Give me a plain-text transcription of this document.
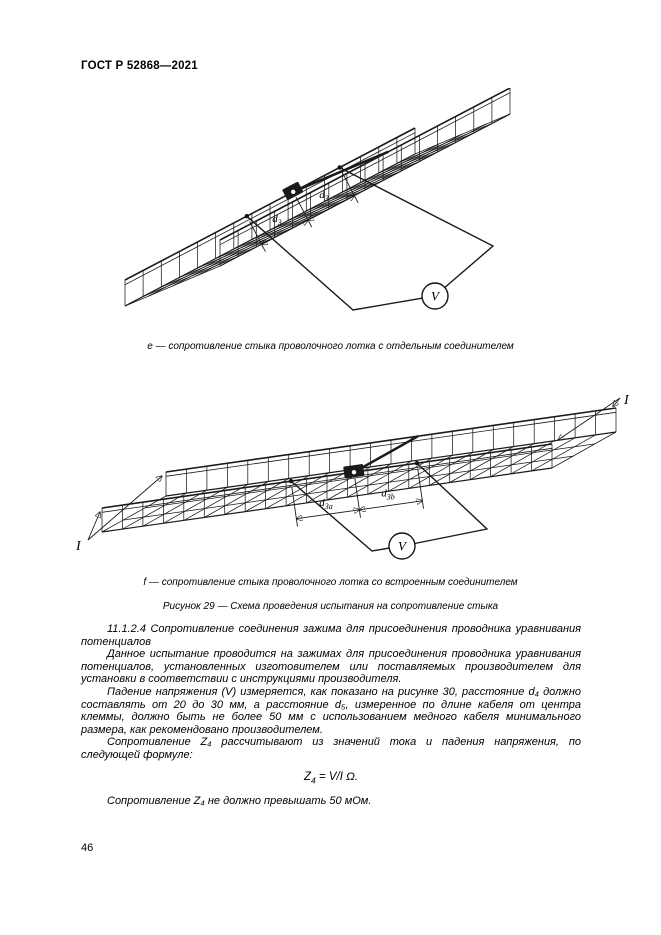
ГОСТ Р 52868—2021
V
$d_3$
$d_3$
е — сопротивление стыка проволочного лотка с отдельным соединителем
V
$d_{3a}$
$d_{3b}$
I
I
f — сопротивление стыка проволочного лотка со встроенным соединителем
Рисунок 29 — Схема проведения испытания на сопротивление стыка

11.1.2.4 Сопротивление соединения зажима для присоединения проводника уравнивания потенциалов

Данное испытание проводится на зажимах для присоединения проводника уравнивания потенциалов, установленных изготовителем или поставляемых производителем для установки в соответствии с инструкциями производителя.

Падение напряжения (V) измеряется, как показано на рисунке 30, расстояние d₄ должно составлять от 20 до 30 мм, а расстояние d₅, измеренное по длине кабеля от центра клеммы, должно быть не более 50 мм с использованием медного кабеля минимального размера, как рекомендовано производителем.

Сопротивление Z₄ рассчитывают из значений тока и падения напряжения, по следующей формуле:

$Z_4 = V/I$ Ω.

Сопротивление Z₄ не должно превышать 50 мОм.

46
